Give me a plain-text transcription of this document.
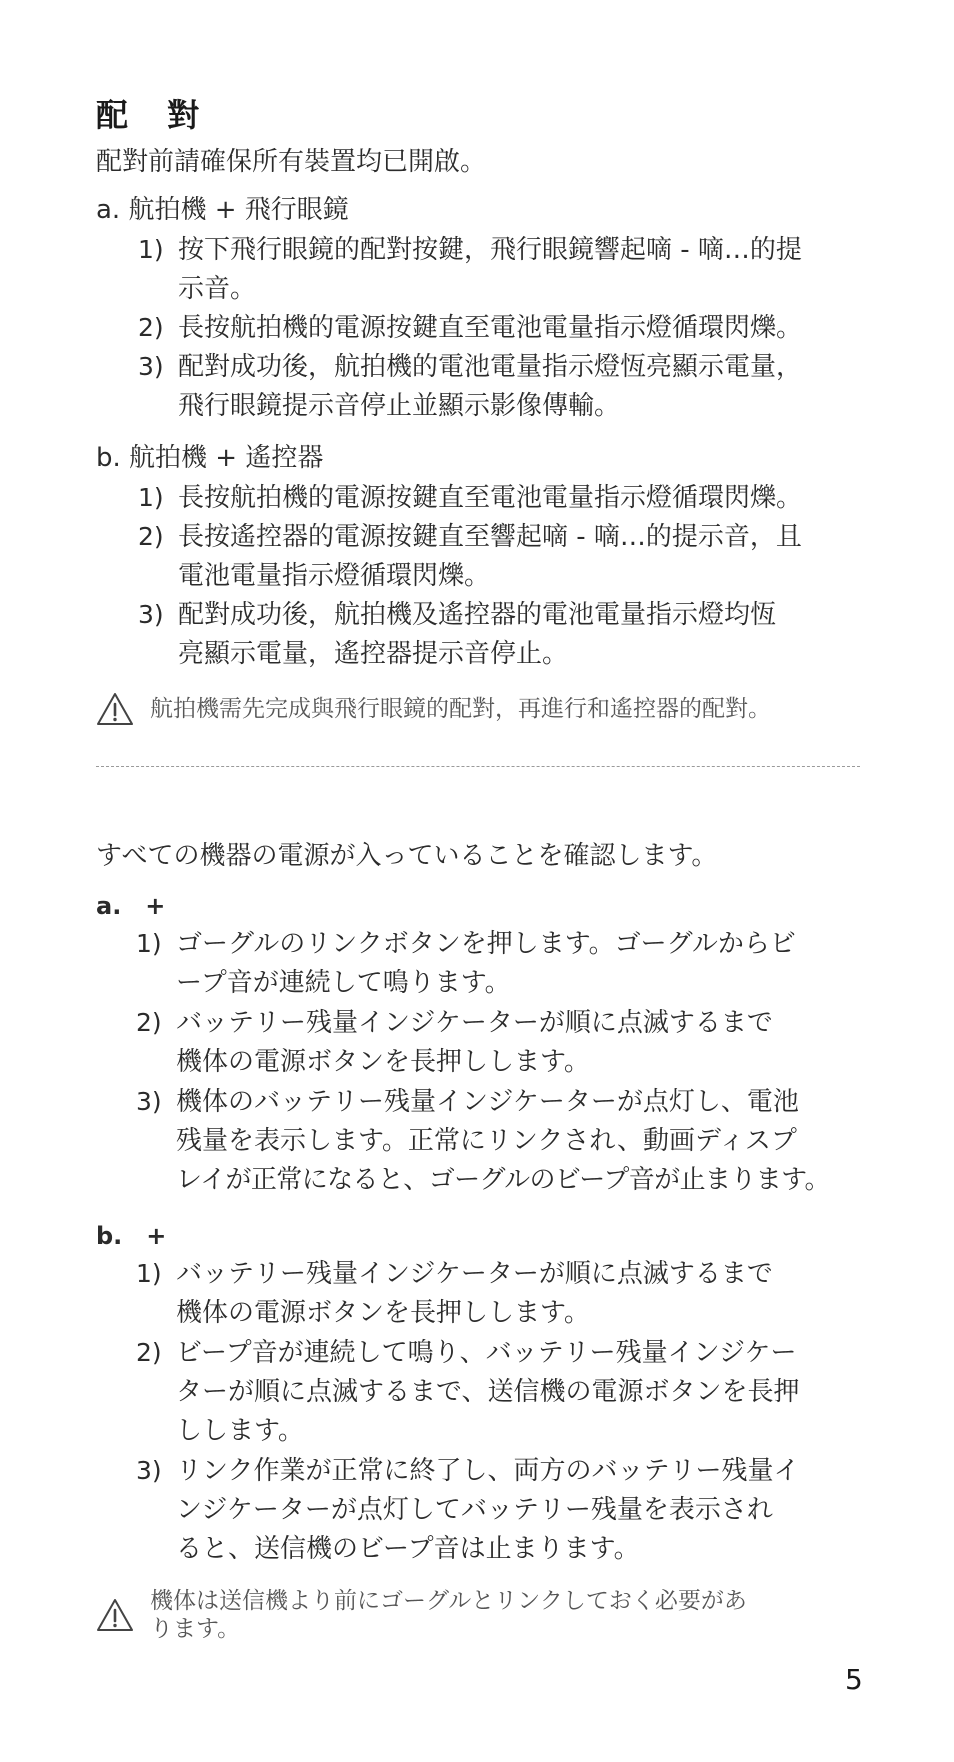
配 對
配對前請確保所有裝置均已開啟。
a. 航拍機 + 飛行眼鏡
1) 按下飛行眼鏡的配對按鍵，飛行眼鏡響起嘀 - 嘀…的提
示音。
2) 長按航拍機的電源按鍵直至電池電量指示燈循環閃爍。
3) 配對成功後，航拍機的電池電量指示燈恆亮顯示電量，
飛行眼鏡提示音停止並顯示影像傳輸。
b. 航拍機 + 遙控器
1) 長按航拍機的電源按鍵直至電池電量指示燈循環閃爍。
2) 長按遙控器的電源按鍵直至響起嘀 - 嘀…的提示音，且
電池電量指示燈循環閃爍。
3) 配對成功後，航拍機及遙控器的電池電量指示燈均恆
亮顯示電量，遙控器提示音停止。
航拍機需先完成與飛行眼鏡的配對，再進行和遙控器的配對。
すべての機器の電源が入っていることを確認します。
a.　+
1) ゴーグルのリンクボタンを押します。ゴーグルからビ
ープ音が連続して鳴ります。
2) バッテリー残量インジケーターが順に点滅するまで
機体の電源ボタンを長押しします。
3) 機体のバッテリー残量インジケーターが点灯し、電池
残量を表示します。正常にリンクされ、動画ディスプ
レイが正常になると、ゴーグルのビープ音が止まります。
b.　+
1) バッテリー残量インジケーターが順に点滅するまで
機体の電源ボタンを長押しします。
2) ビープ音が連続して鳴り、バッテリー残量インジケー
ターが順に点滅するまで、送信機の電源ボタンを長押
しします。
3) リンク作業が正常に終了し、両方のバッテリー残量イ
ンジケーターが点灯してバッテリー残量を表示され
ると、送信機のビープ音は止まります。
機体は送信機より前にゴーグルとリンクしておく必要があ
ります。
5
